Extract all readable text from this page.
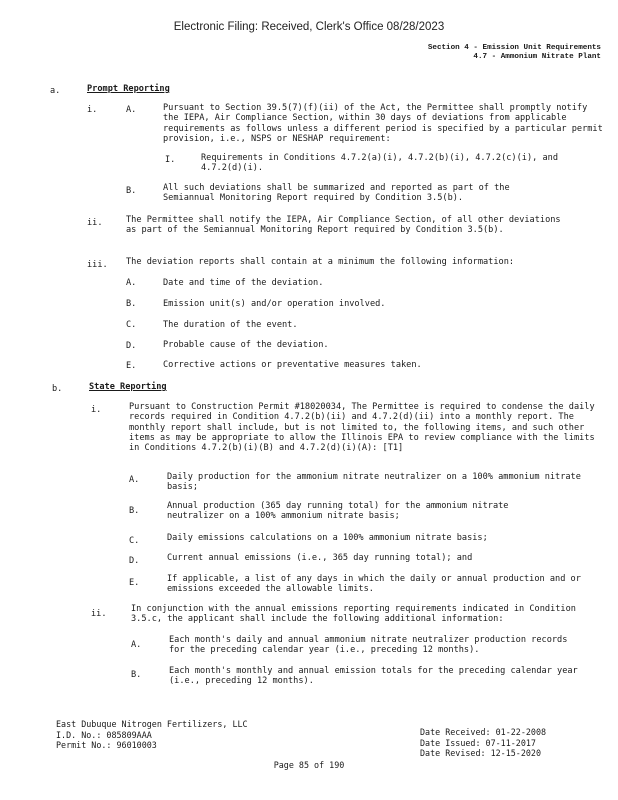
Electronic Filing: Received, Clerk's Office 08/28/2023
Section 4 - Emission Unit Requirements
4.7 - Ammonium Nitrate Plant
a.	Prompt Reporting
i.	A.	Pursuant to Section 39.5(7)(f)(ii) of the Act, the Permittee shall promptly notify the IEPA, Air Compliance Section, within 30 days of deviations from applicable requirements as follows unless a different period is specified by a particular permit provision, i.e., NSPS or NESHAP requirement:
I.	Requirements in Conditions 4.7.2(a)(i), 4.7.2(b)(i), 4.7.2(c)(i), and 4.7.2(d)(i).
B.	All such deviations shall be summarized and reported as part of the Semiannual Monitoring Report required by Condition 3.5(b).
ii.	The Permittee shall notify the IEPA, Air Compliance Section, of all other deviations as part of the Semiannual Monitoring Report required by Condition 3.5(b).
iii. The deviation reports shall contain at a minimum the following information:
A.	Date and time of the deviation.
B.	Emission unit(s) and/or operation involved.
C.	The duration of the event.
D.	Probable cause of the deviation.
E.	Corrective actions or preventative measures taken.
b.	State Reporting
i.	Pursuant to Construction Permit #18020034, The Permittee is required to condense the daily records required in Condition 4.7.2(b)(ii) and 4.7.2(d)(ii) into a monthly report. The monthly report shall include, but is not limited to, the following items, and such other items as may be appropriate to allow the Illinois EPA to review compliance with the limits in Conditions 4.7.2(b)(i)(B) and 4.7.2(d)(i)(A): [T1]
A.	Daily production for the ammonium nitrate neutralizer on a 100% ammonium nitrate basis;
B.	Annual production (365 day running total) for the ammonium nitrate neutralizer on a 100% ammonium nitrate basis;
C.	Daily emissions calculations on a 100% ammonium nitrate basis;
D.	Current annual emissions (i.e., 365 day running total); and
E.	If applicable, a list of any days in which the daily or annual production and or emissions exceeded the allowable limits.
ii.	In conjunction with the annual emissions reporting requirements indicated in Condition 3.5.c, the applicant shall include the following additional information:
A.	Each month's daily and annual ammonium nitrate neutralizer production records for the preceding calendar year (i.e., preceding 12 months).
B.	Each month's monthly and annual emission totals for the preceding calendar year (i.e., preceding 12 months).
East Dubuque Nitrogen Fertilizers, LLC
I.D. No.: 085809AAA
Permit No.: 96010003
Date Received: 01-22-2008
Date Issued: 07-11-2017
Date Revised: 12-15-2020
Page 85 of 190
